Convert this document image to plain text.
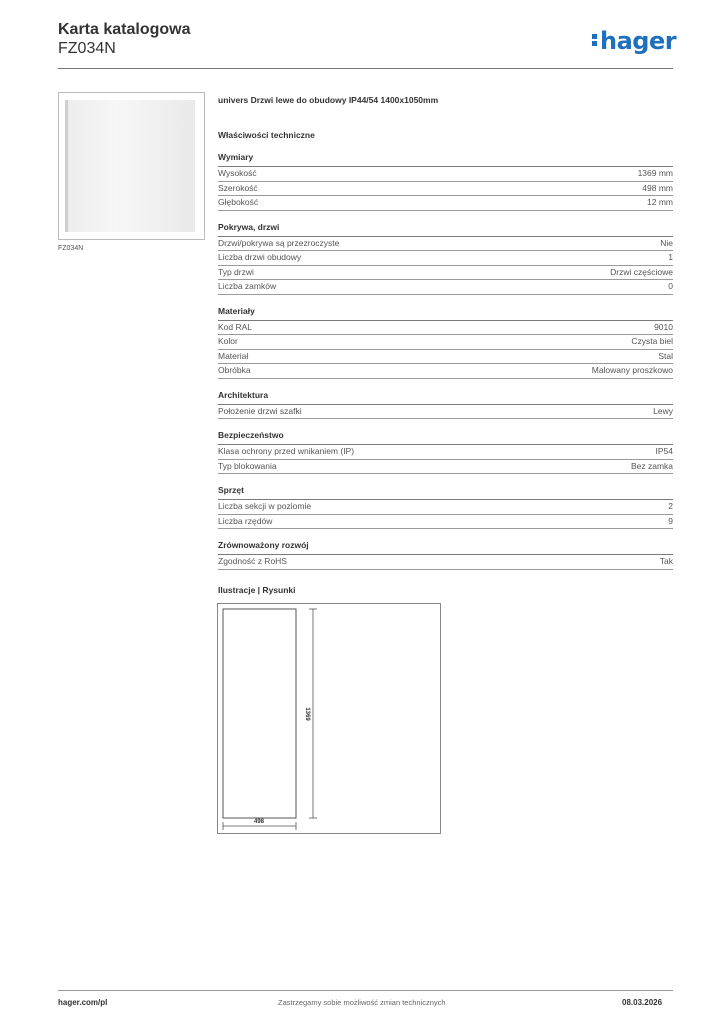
Karta katalogowa
FZ034N	hager
FZ034N
univers Drzwi lewe do obudowy IP44/54 1400x1050mm
Właściwości techniczne
Wymiary
Wysokość	1369 mm
Szerokość	498 mm
Głębokość	12 mm
Pokrywa, drzwi
Drzwi/pokrywa są przezroczyste	Nie
Liczba drzwi obudowy	1
Typ drzwi	Drzwi częściowe
Liczba zamków	0
Materiały
Kod RAL	9010
Kolor	Czysta biel
Materiał	Stal
Obróbka	Malowany proszkowo
Architektura
Położenie drzwi szafki	Lewy
Bezpieczeństwo
Klasa ochrony przed wnikaniem (IP)	IP54
Typ blokowania	Bez zamka
Sprzęt
Liczba sekcji w poziomie	2
Liczba rzędów	9
Zrównoważony rozwój
Zgodność z RoHS	Tak
Ilustracje | Rysunki
1369
498
hager.com/pl	Zastrzegamy sobie możliwość zmian technicznych	08.03.2026
